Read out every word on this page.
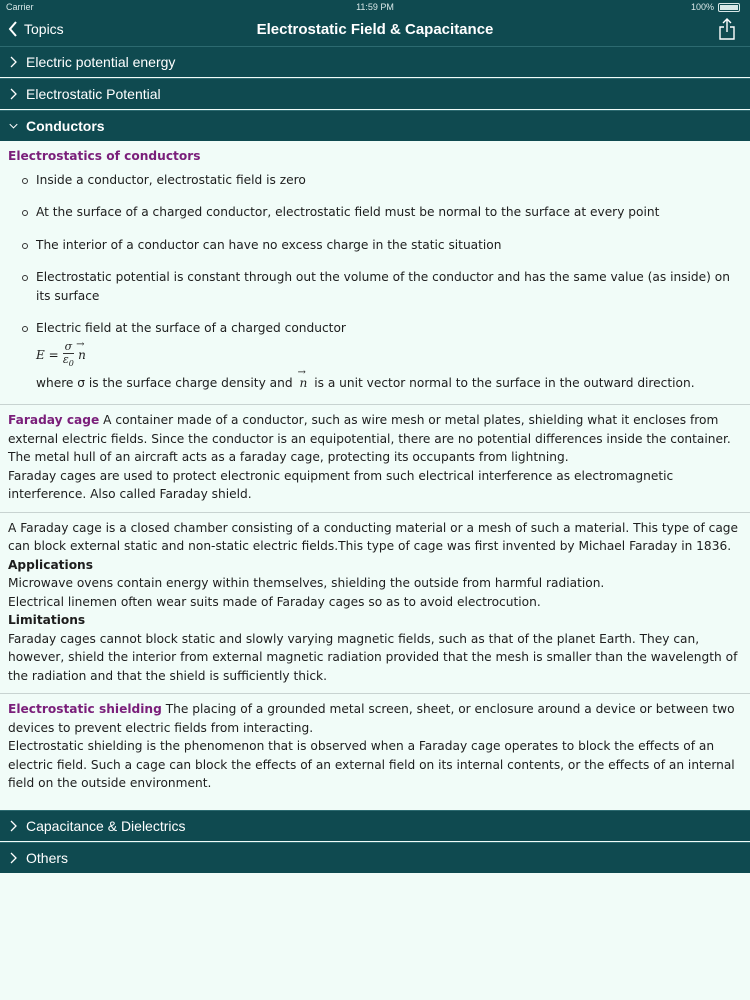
Carrier	11:59 PM	100%
Topics	Electrostatic Field & Capacitance
Electric potential energy
Electrostatic Potential
Conductors
Electrostatics of conductors
Inside a conductor, electrostatic field is zero
At the surface of a charged conductor, electrostatic field must be normal to the surface at every point
The interior of a conductor can have no excess charge in the static situation
Electrostatic potential is constant through out the volume of the conductor and has the same value (as inside) on its surface
Electric field at the surface of a charged conductor
$E = \frac{\sigma}{\varepsilon_0}$
→ n
where σ is the surface charge density and → n is a unit vector normal to the surface in the outward direction.
Faraday cage A container made of a conductor, such as wire mesh or metal plates, shielding what it encloses from external electric fields. Since the conductor is an equipotential, there are no potential differences inside the container.
The metal hull of an aircraft acts as a faraday cage, protecting its occupants from lightning.
Faraday cages are used to protect electronic equipment from such electrical interference as electromagnetic interference. Also called Faraday shield.
A Faraday cage is a closed chamber consisting of a conducting material or a mesh of such a material. This type of cage can block external static and non-static electric fields.This type of cage was first invented by Michael Faraday in 1836.
Applications
Microwave ovens contain energy within themselves, shielding the outside from harmful radiation.
Electrical linemen often wear suits made of Faraday cages so as to avoid electrocution.
Limitations
Faraday cages cannot block static and slowly varying magnetic fields, such as that of the planet Earth. They can, however, shield the interior from external magnetic radiation provided that the mesh is smaller than the wavelength of the radiation and that the shield is sufficiently thick.
Electrostatic shielding The placing of a grounded metal screen, sheet, or enclosure around a device or between two devices to prevent electric fields from interacting.
Electrostatic shielding is the phenomenon that is observed when a Faraday cage operates to block the effects of an electric field. Such a cage can block the effects of an external field on its internal contents, or the effects of an internal field on the outside environment.
Capacitance & Dielectrics
Others
